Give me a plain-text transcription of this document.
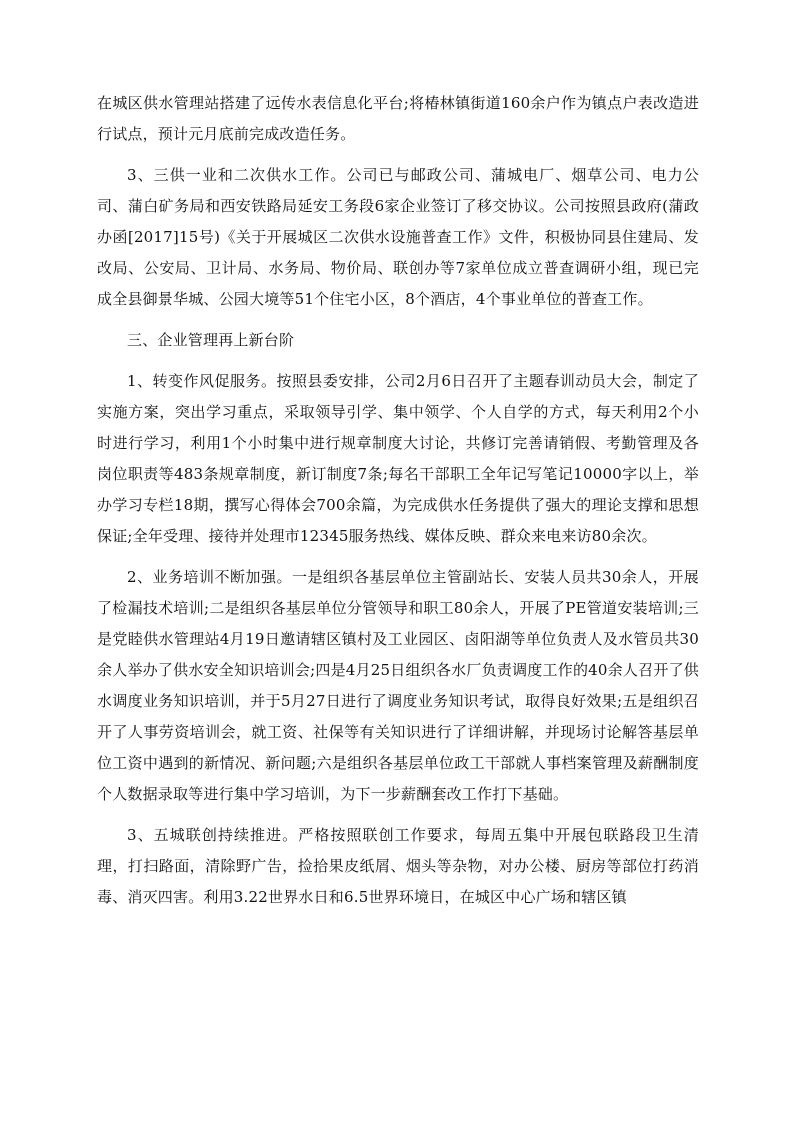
在城区供水管理站搭建了远传水表信息化平台;将椿林镇街道160余户作为镇点户表改造进行试点，预计元月底前完成改造任务。

3、三供一业和二次供水工作。公司已与邮政公司、蒲城电厂、烟草公司、电力公司、蒲白矿务局和西安铁路局延安工务段6家企业签订了移交协议。公司按照县政府(蒲政办函[2017]15号)《关于开展城区二次供水设施普查工作》文件，积极协同县住建局、发改局、公安局、卫计局、水务局、物价局、联创办等7家单位成立普查调研小组，现已完成全县御景华城、公园大境等51个住宅小区，8个酒店，4个事业单位的普查工作。

三、企业管理再上新台阶

1、转变作风促服务。按照县委安排，公司2月6日召开了主题春训动员大会，制定了实施方案，突出学习重点，采取领导引学、集中领学、个人自学的方式，每天利用2个小时进行学习，利用1个小时集中进行规章制度大讨论，共修订完善请销假、考勤管理及各岗位职责等483条规章制度，新订制度7条;每名干部职工全年记写笔记10000字以上，举办学习专栏18期，撰写心得体会700余篇，为完成供水任务提供了强大的理论支撑和思想保证;全年受理、接待并处理市12345服务热线、媒体反映、群众来电来访80余次。

2、业务培训不断加强。一是组织各基层单位主管副站长、安装人员共30余人，开展了检漏技术培训;二是组织各基层单位分管领导和职工80余人，开展了PE管道安装培训;三是党睦供水管理站4月19日邀请辖区镇村及工业园区、卤阳湖等单位负责人及水管员共30余人举办了供水安全知识培训会;四是4月25日组织各水厂负责调度工作的40余人召开了供水调度业务知识培训，并于5月27日进行了调度业务知识考试，取得良好效果;五是组织召开了人事劳资培训会，就工资、社保等有关知识进行了详细讲解，并现场讨论解答基层单位工资中遇到的新情况、新问题;六是组织各基层单位政工干部就人事档案管理及薪酬制度个人数据录取等进行集中学习培训，为下一步薪酬套改工作打下基础。

3、五城联创持续推进。严格按照联创工作要求，每周五集中开展包联路段卫生清理，打扫路面，清除野广告，捡拾果皮纸屑、烟头等杂物，对办公楼、厨房等部位打药消毒、消灭四害。利用3.22世界水日和6.5世界环境日，在城区中心广场和辖区镇
